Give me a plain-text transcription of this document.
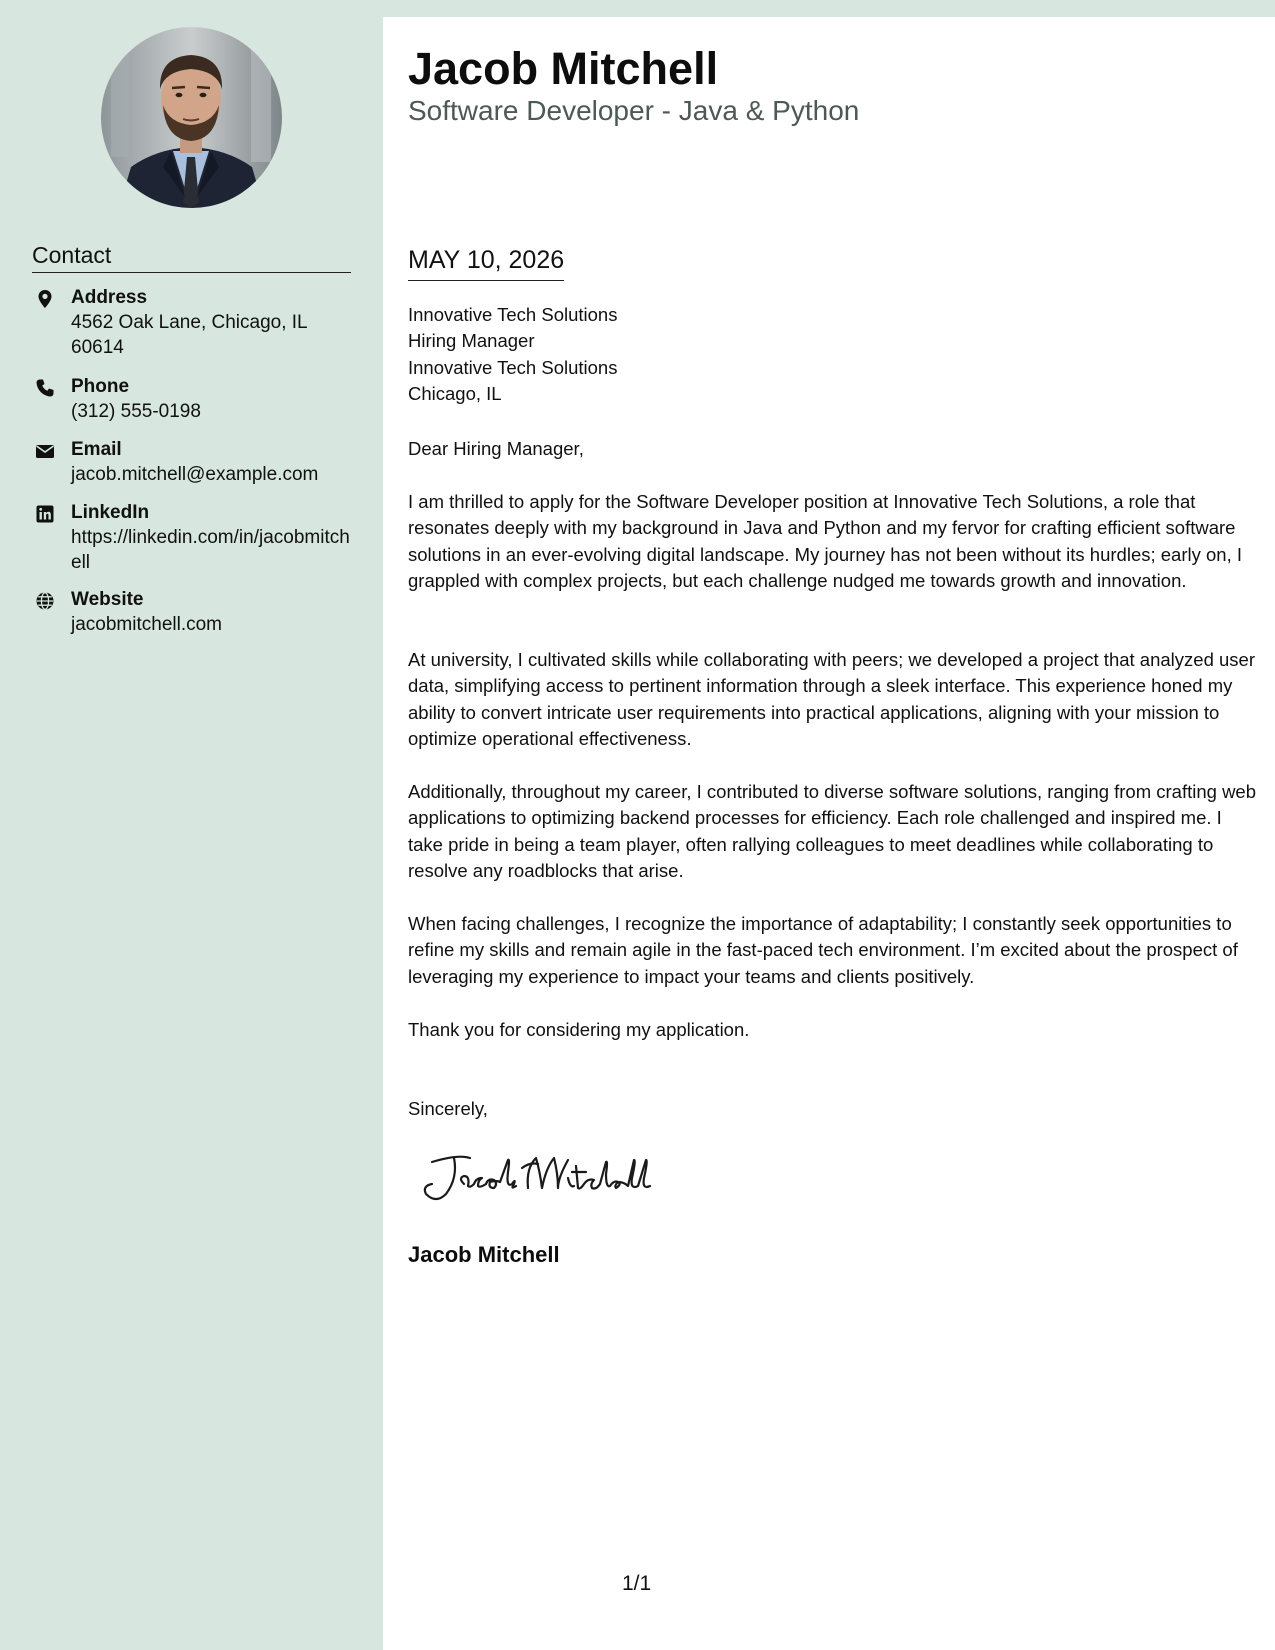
Contact
Address
4562 Oak Lane, Chicago, IL 60614
Phone
(312) 555-0198
Email
jacob.mitchell@example.com
LinkedIn
https://linkedin.com/in/jacobmitchell
Website
jacobmitchell.com
Jacob Mitchell
Software Developer - Java & Python
MAY 10, 2026
Innovative Tech Solutions
Hiring Manager
Innovative Tech Solutions
Chicago, IL

Dear Hiring Manager,

I am thrilled to apply for the Software Developer position at Innovative Tech Solutions, a role that resonates deeply with my background in Java and Python and my fervor for crafting efficient software solutions in an ever-evolving digital landscape. My journey has not been without its hurdles; early on, I grappled with complex projects, but each challenge nudged me towards growth and innovation.

At university, I cultivated skills while collaborating with peers; we developed a project that analyzed user data, simplifying access to pertinent information through a sleek interface. This experience honed my ability to convert intricate user requirements into practical applications, aligning with your mission to optimize operational effectiveness.

Additionally, throughout my career, I contributed to diverse software solutions, ranging from crafting web applications to optimizing backend processes for efficiency. Each role challenged and inspired me. I take pride in being a team player, often rallying colleagues to meet deadlines while collaborating to resolve any roadblocks that arise.

When facing challenges, I recognize the importance of adaptability; I constantly seek opportunities to refine my skills and remain agile in the fast-paced tech environment. I’m excited about the prospect of leveraging my experience to impact your teams and clients positively.

Thank you for considering my application.

Sincerely,

Jacob Mitchell
1/1
